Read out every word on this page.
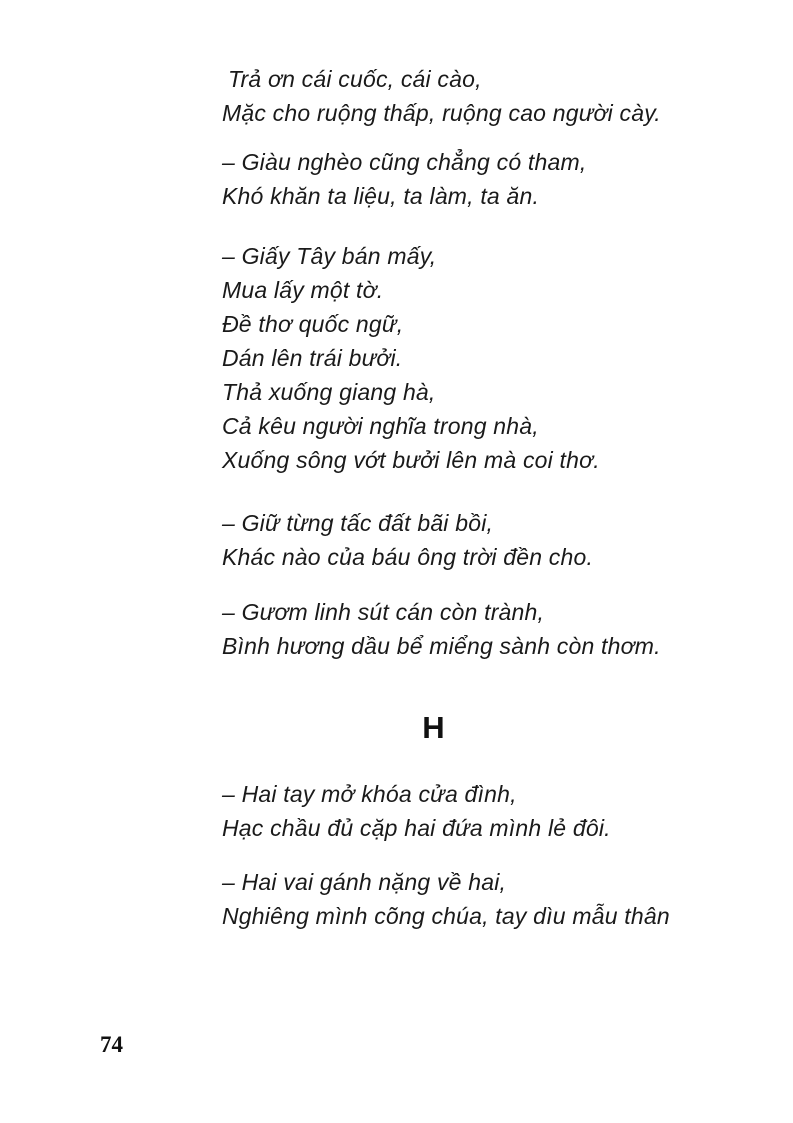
Trả ơn cái cuốc, cái cào,
Mặc cho ruộng thấp, ruộng cao người cày.
– Giàu nghèo cũng chẳng có tham,
Khó khăn ta liệu, ta làm, ta ăn.
– Giấy Tây bán mấy,
Mua lấy một tờ.
Đề thơ quốc ngữ,
Dán lên trái bưởi.
Thả xuống giang hà,
Cả kêu người nghĩa trong nhà,
Xuống sông vớt bưởi lên mà coi thơ.
– Giữ từng tấc đất bãi bồi,
Khác nào của báu ông trời đền cho.
– Gươm linh sút cán còn trành,
Bình hương dầu bể miểng sành còn thơm.
H
– Hai tay mở khóa cửa đình,
Hạc chầu đủ cặp hai đứa mình lẻ đôi.
– Hai vai gánh nặng về hai,
Nghiêng mình cõng chúa, tay dìu mẫu thân
74
